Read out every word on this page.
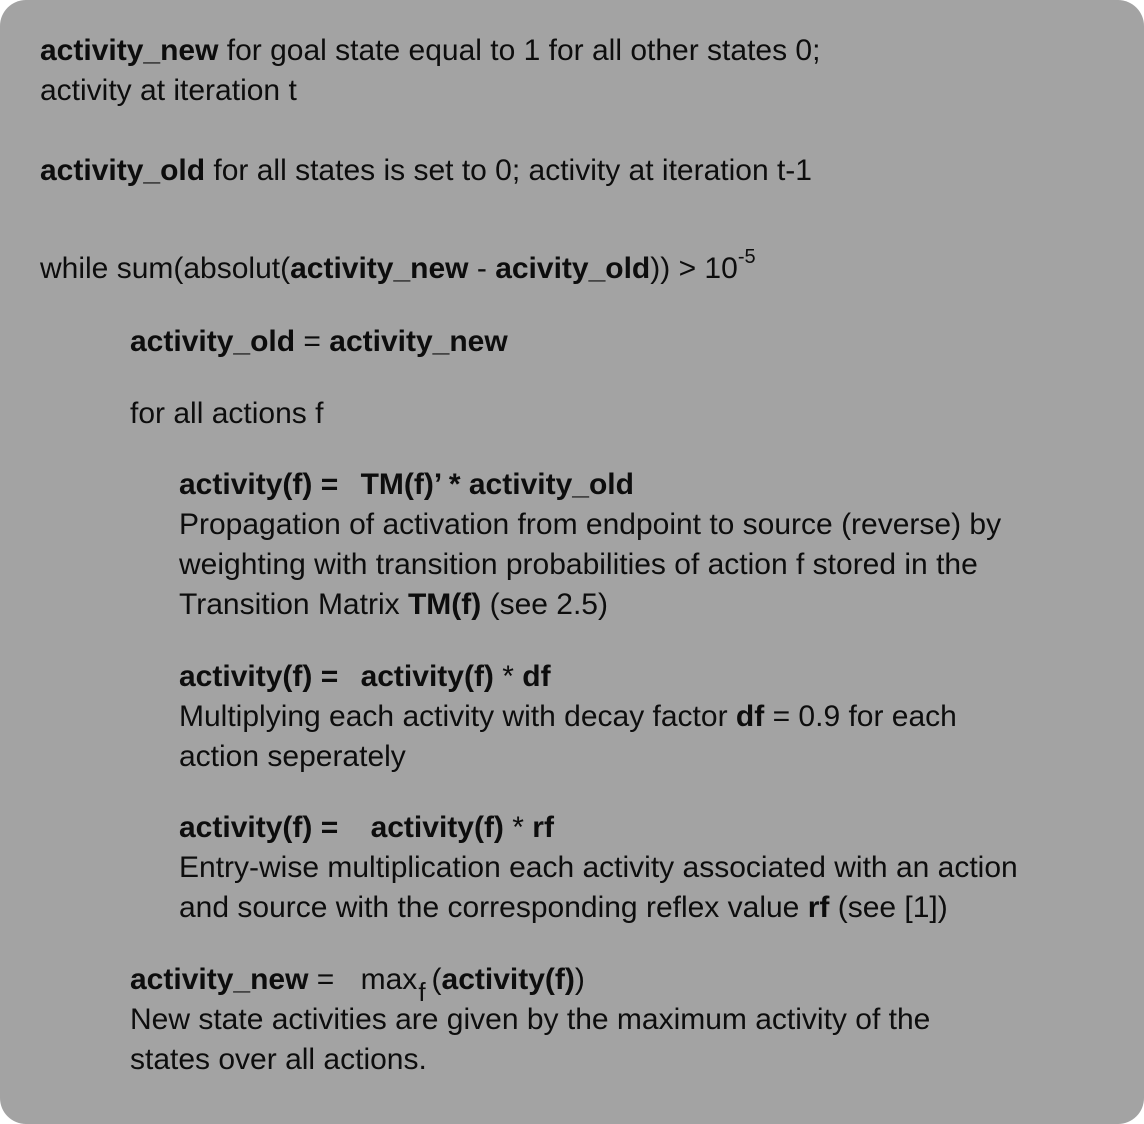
activity_new for goal state equal to 1 for all other states 0;
activity at iteration t
activity_old for all states is set to 0; activity at iteration t-1
while sum(absolut(activity_new - acivity_old)) > $10^{-5}$
activity_old = activity_new
for all actions f
activity(f) = TM(f)’ * activity_old
Propagation of activation from endpoint to source (reverse) by
weighting with transition probabilities of action f stored in the
Transition Matrix TM(f) (see 2.5)
activity(f) = activity(f) * df
Multiplying each activity with decay factor df = 0.9 for each
action seperately
activity(f) = activity(f) * rf
Entry-wise multiplication each activity associated with an action
and source with the corresponding reflex value rf (see [1])
activity_new = maxf (activity(f))
New state activities are given by the maximum activity of the
states over all actions.
